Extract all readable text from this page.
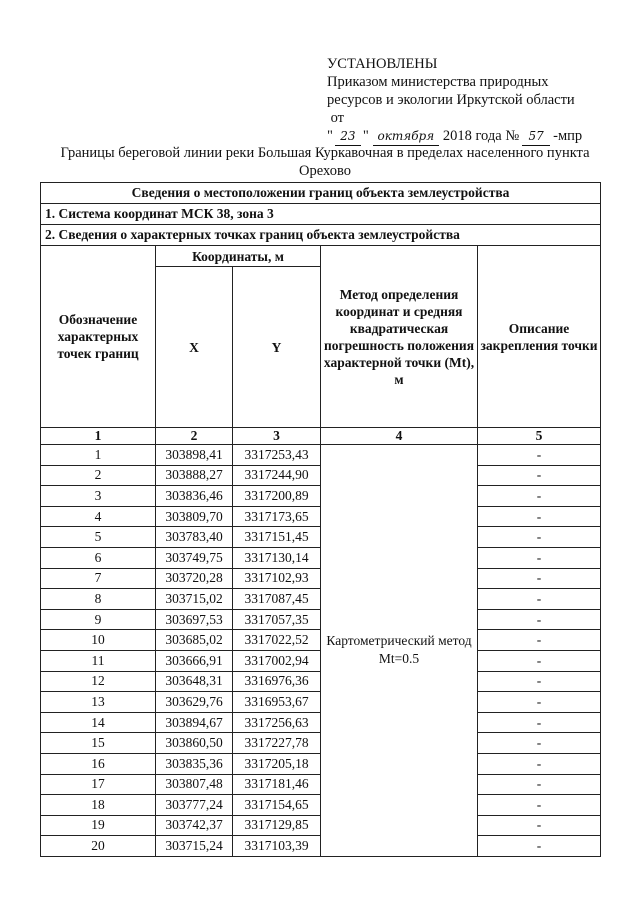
УСТАНОВЛЕНЫ
Приказом министерства природных
ресурсов и экологии Иркутской области
от
" 23 " октября 2018 года № 57 -мпр
Границы береговой линии реки Большая Куркавочная в пределах населенного пункта Орехово
Сведения о местоположении границ объекта землеустройства				
1. Система координат МСК 38, зона 3				
2. Сведения о характерных точках границ объекта землеустройства				
Обозначение характерных точек границ	Координаты, м		Метод определения координат и средняя квадратическая погрешность положения характерной точки (Mt), м	Описание закрепления точки
	X	Y		
1	2	3	4	5
1	303898,41	3317253,43	Картометрический метод Mt=0.5	-
2	303888,27	3317244,90		-
3	303836,46	3317200,89		-
4	303809,70	3317173,65		-
5	303783,40	3317151,45		-
6	303749,75	3317130,14		-
7	303720,28	3317102,93		-
8	303715,02	3317087,45		-
9	303697,53	3317057,35		-
10	303685,02	3317022,52		-
11	303666,91	3317002,94		-
12	303648,31	3316976,36		-
13	303629,76	3316953,67		-
14	303894,67	3317256,63		-
15	303860,50	3317227,78		-
16	303835,36	3317205,18		-
17	303807,48	3317181,46		-
18	303777,24	3317154,65		-
19	303742,37	3317129,85		-
20	303715,24	3317103,39		-
